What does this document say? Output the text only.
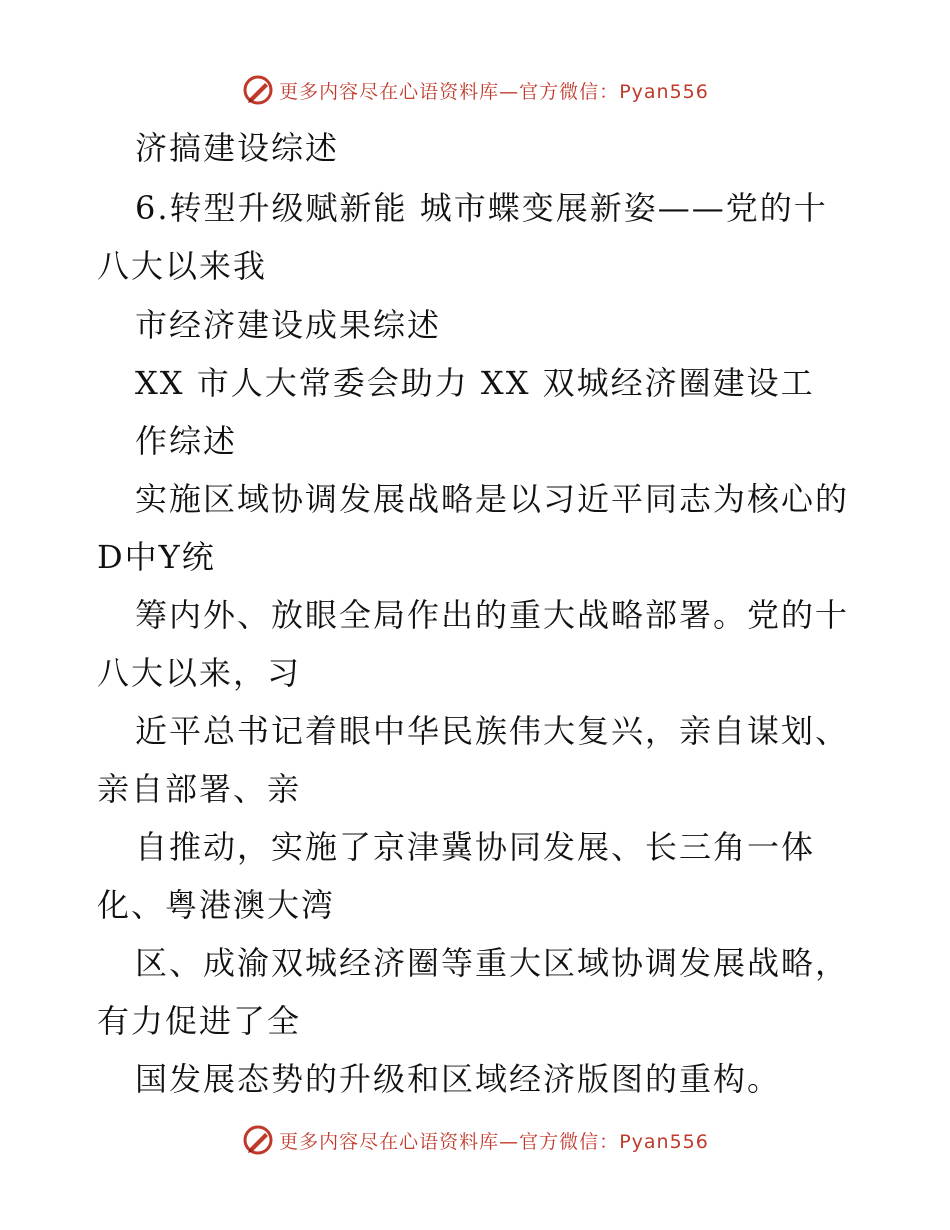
更多内容尽在心语资料库—官方微信：Pyan556
济搞建设综述
6.转型升级赋新能 城市蝶变展新姿——党的十
八大以来我
市经济建设成果综述
XX 市人大常委会助力 XX 双城经济圈建设工
作综述
实施区域协调发展战略是以习近平同志为核心的
D中Y统
筹内外、放眼全局作出的重大战略部署。党的十
八大以来，习
近平总书记着眼中华民族伟大复兴，亲自谋划、
亲自部署、亲
自推动，实施了京津冀协同发展、长三角一体
化、粤港澳大湾
区、成渝双城经济圈等重大区域协调发展战略，
有力促进了全
国发展态势的升级和区域经济版图的重构。
更多内容尽在心语资料库—官方微信：Pyan556
